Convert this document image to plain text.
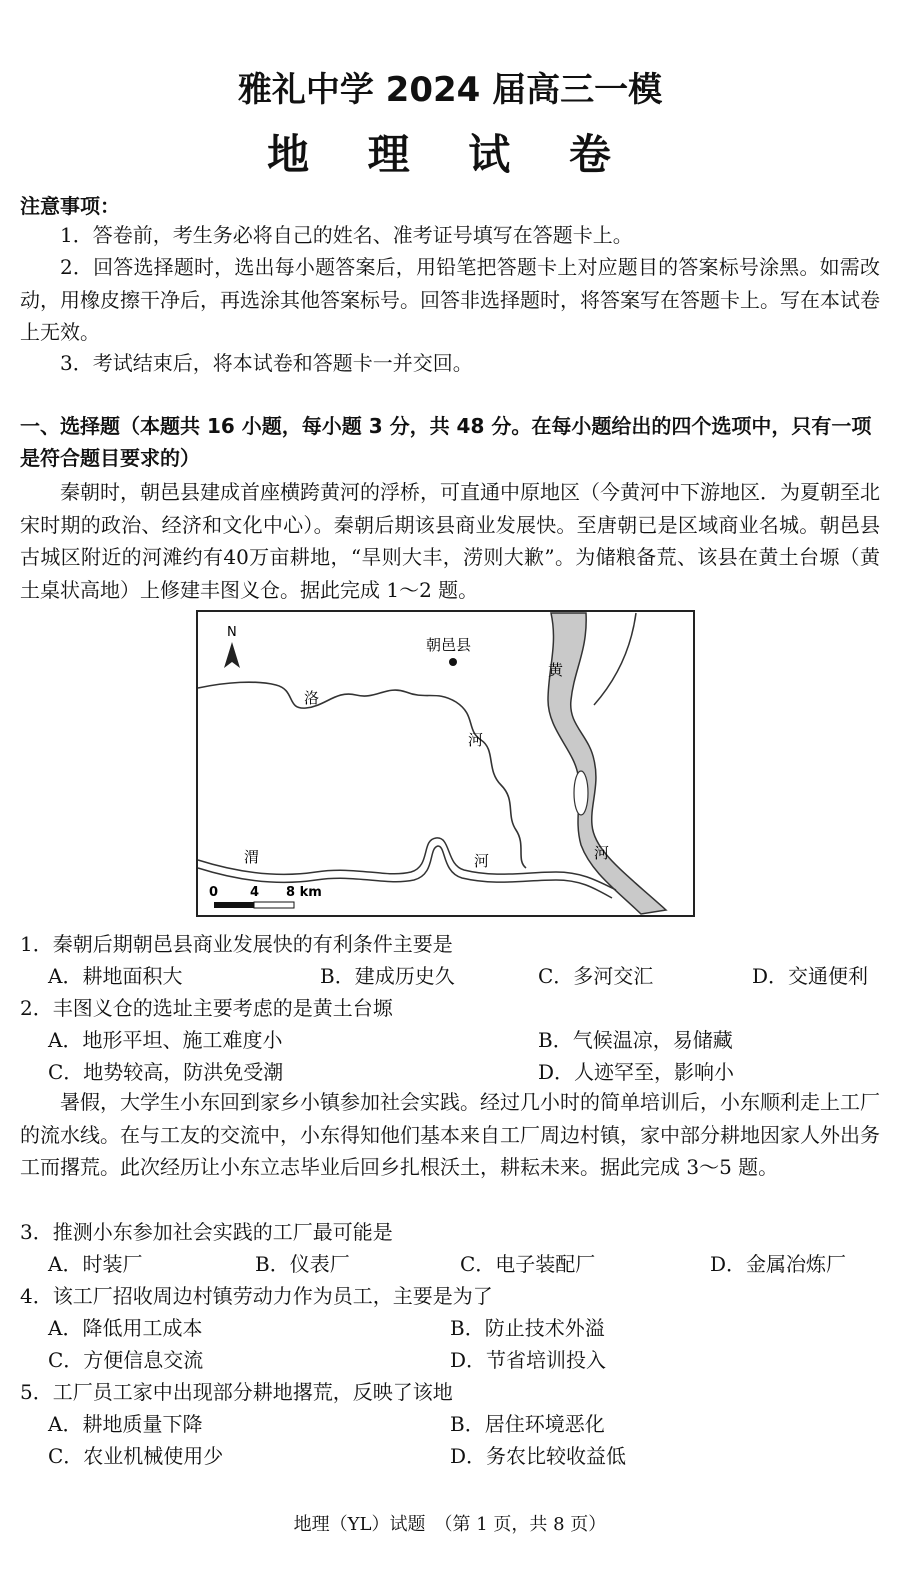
雅礼中学 2024 届高三一模
地 理 试 卷
注意事项：
1．答卷前，考生务必将自己的姓名、准考证号填写在答题卡上。
2．回答选择题时，选出每小题答案后，用铅笔把答题卡上对应题目的答案标号涂黑。如需改动，用橡皮擦干净后，再选涂其他答案标号。回答非选择题时，将答案写在答题卡上。写在本试卷上无效。
3．考试结束后，将本试卷和答题卡一并交回。
一、选择题（本题共 16 小题，每小题 3 分，共 48 分。在每小题给出的四个选项中，只有一项是符合题目要求的）
秦朝时，朝邑县建成首座横跨黄河的浮桥，可直通中原地区（今黄河中下游地区．为夏朝至北宋时期的政治、经济和文化中心）。秦朝后期该县商业发展快。至唐朝已是区域商业名城。朝邑县古城区附近的河滩约有40万亩耕地，“旱则大丰，涝则大歉”。为储粮备荒、该县在黄土台塬（黄土桌状高地）上修建丰图义仓。据此完成 1～2 题。
N
朝邑县
洛
河
渭	河
黄
河
0 4 8 km
1．秦朝后期朝邑县商业发展快的有利条件主要是
A．耕地面积大	B．建成历史久	C．多河交汇	D．交通便利
2．丰图义仓的选址主要考虑的是黄土台塬
A．地形平坦、施工难度小	B．气候温凉，易储藏
C．地势较高，防洪免受潮	D．人迹罕至，影响小
暑假，大学生小东回到家乡小镇参加社会实践。经过几小时的简单培训后，小东顺利走上工厂的流水线。在与工友的交流中，小东得知他们基本来自工厂周边村镇，家中部分耕地因家人外出务工而撂荒。此次经历让小东立志毕业后回乡扎根沃土，耕耘未来。据此完成 3～5 题。
3．推测小东参加社会实践的工厂最可能是
A．时装厂	B．仪表厂	C．电子装配厂	D．金属冶炼厂
4．该工厂招收周边村镇劳动力作为员工，主要是为了
A．降低用工成本	B．防止技术外溢
C．方便信息交流	D．节省培训投入
5．工厂员工家中出现部分耕地撂荒，反映了该地
A．耕地质量下降	B．居住环境恶化
C．农业机械使用少	D．务农比较收益低
地理（YL）试题　（第 1 页，共 8 页）
